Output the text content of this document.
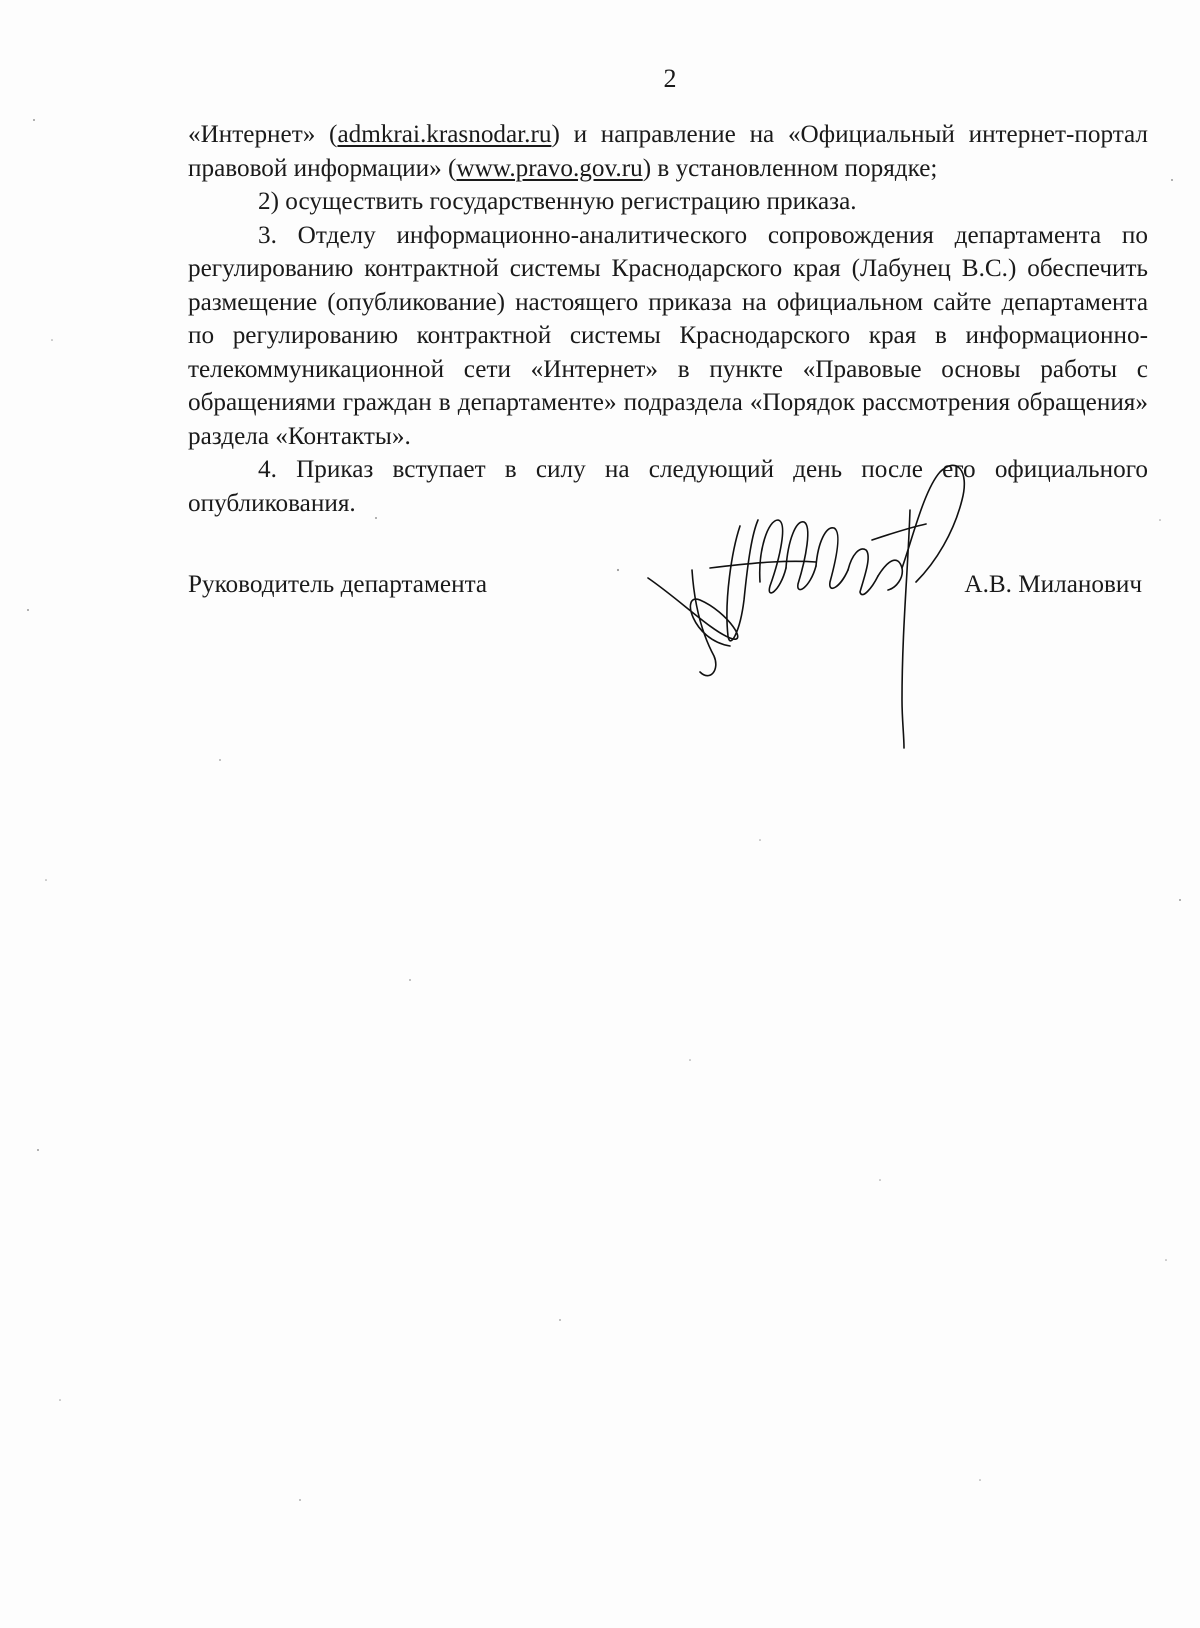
2

«Интернет» (admkrai.krasnodar.ru) и направление на «Официальный интернет-портал правовой информации» (www.pravo.gov.ru) в установленном порядке;

2) осуществить государственную регистрацию приказа.

3. Отделу информационно-аналитического сопровождения департамента по регулированию контрактной системы Краснодарского края (Лабунец В.С.) обеспечить размещение (опубликование) настоящего приказа на официальном сайте департамента по регулированию контрактной системы Краснодарского края в информационно-телекоммуникационной сети «Интернет» в пункте «Правовые основы работы с обращениями граждан в департаменте» подраздела «Порядок рассмотрения обращения» раздела «Контакты».

4. Приказ вступает в силу на следующий день после его официального опубликования.

Руководитель департамента	А.В. Миланович
